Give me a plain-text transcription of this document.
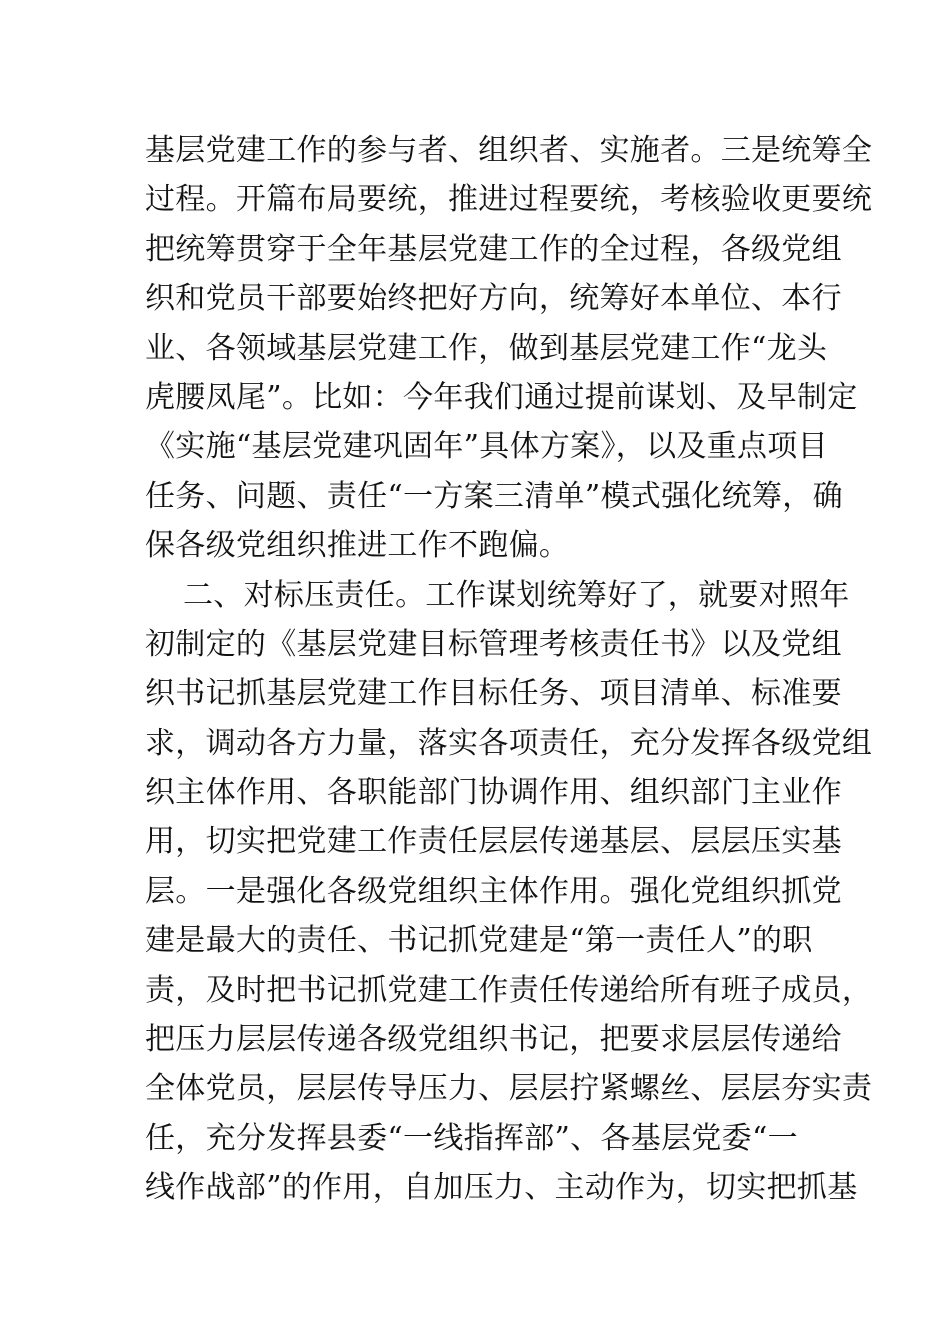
基层党建工作的参与者、组织者、实施者。三是统筹全
过程。开篇布局要统，推进过程要统，考核验收更要统
把统筹贯穿于全年基层党建工作的全过程，各级党组
织和党员干部要始终把好方向，统筹好本单位、本行
业、各领域基层党建工作，做到基层党建工作“龙头
虎腰凤尾”。比如：今年我们通过提前谋划、及早制定
《实施“基层党建巩固年”具体方案》，以及重点项目
任务、问题、责任“一方案三清单”模式强化统筹，确
保各级党组织推进工作不跑偏。
二、对标压责任。工作谋划统筹好了，就要对照年
初制定的《基层党建目标管理考核责任书》以及党组
织书记抓基层党建工作目标任务、项目清单、标准要
求，调动各方力量，落实各项责任，充分发挥各级党组
织主体作用、各职能部门协调作用、组织部门主业作
用，切实把党建工作责任层层传递基层、层层压实基
层。一是强化各级党组织主体作用。强化党组织抓党
建是最大的责任、书记抓党建是“第一责任人”的职
责，及时把书记抓党建工作责任传递给所有班子成员，
把压力层层传递各级党组织书记，把要求层层传递给
全体党员，层层传导压力、层层拧紧螺丝、层层夯实责
任，充分发挥县委“一线指挥部”、各基层党委“一
线作战部”的作用，自加压力、主动作为，切实把抓基
